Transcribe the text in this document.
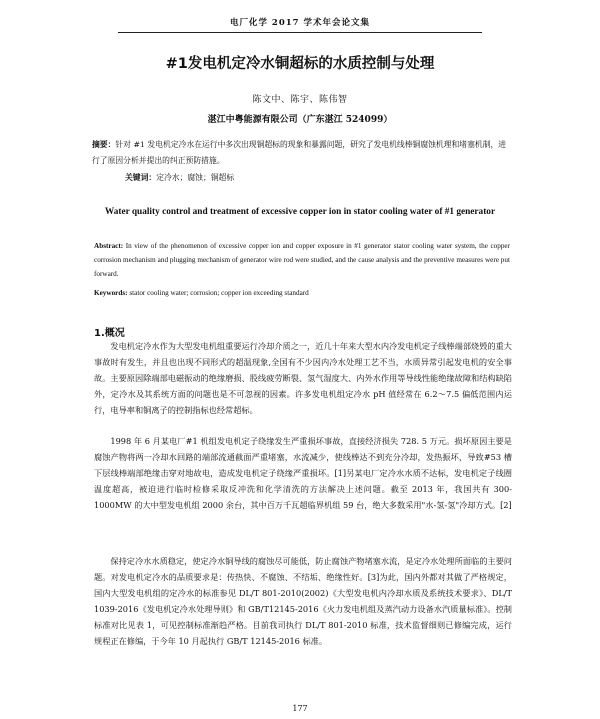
电厂化学 2017 学术年会论文集
#1发电机定冷水铜超标的水质控制与处理
陈文中、陈宇、陈伟智
湛江中粤能源有限公司（广东湛江 524099）
摘要：针对 #1 发电机定冷水在运行中多次出现铜超标的现象和暴露问题，研究了发电机线棒铜腐蚀机理和堵塞机制，进行了原因分析并提出的纠正预防措施。
关键词：定冷水；腐蚀；铜超标
Water quality control and treatment of excessive copper ion in stator cooling water of #1 generator
Abstract: In view of the phenomenon of excessive copper ion and copper exposure in #1 generator stator cooling water system, the copper corrosion mechanism and plugging mechanism of generator wire rod were studied, and the cause analysis and the preventive measures were put forward.
Keywords: stator cooling water; corrosion; copper ion exceeding standard
1.概况
发电机定冷水作为大型发电机组重要运行冷却介质之一，近几十年来大型水内冷发电机定子线棒端部烧毁的重大事故时有发生，并且也出现不同形式的超温现象,全国有不少因内冷水处理工艺不当，水质异常引起发电机的安全事故。主要原因除端部电磁振动的绝缘磨损、股线疲劳断裂、氢气湿度大、内外水作用等导线性能绝缘故障和结构缺陷外，定冷水及其系统方面的问题也是不可忽视的因素。许多发电机组定冷水 pH 值经常在 6.2～7.5 偏低范围内运行，电导率和铜离子的控制指标也经常超标。
1998 年 6 月某电厂#1 机组发电机定子绕缘发生严重损坏事故，直接经济损失 728. 5 万元。损坏原因主要是腐蚀产物将两一冷却水回路的端部流通截面严重堵塞，水流减少，使线棒达不到充分冷却，发热振坏，导致#53 槽下层线棒端部绝缘击穿对地故电，造成发电机定子绕缘严重损坏。[1]另某电厂定冷水水质不达标，发电机定子线圈温度超高，被迫进行临时检修采取反冲洗和化学清洗的方法解决上述问题。截至 2013 年，我国共有 300-1000MW 的大中型发电机组 2000 余台，其中百万千瓦超临界机组 59 台，绝大多数采用"水-氢-氢"冷却方式。[2]
保持定冷水水质稳定，使定冷水铜导线的腐蚀尽可能低，防止腐蚀产物堵塞水流，是定冷水处理所面临的主要问题。对发电机定冷水的品质要求是：传热快、不腐蚀、不结垢、绝缘性好。[3]为此，国内外都对其做了严格规定，国内大型发电机组的定冷水的标准参见 DL/T 801-2010(2002)《大型发电机内冷却水质及系统技术要求》、DL/T 1039-2016《发电机定冷水处理导则》和 GB/T12145-2016《火力发电机组及蒸汽动力设备水汽质量标准》。控制标准对比见表 1，可见控制标准渐趋严格。目前我司执行 DL/T 801-2010 标准，技术监督细则已修编完成，运行规程正在修编，于今年 10 月起执行 GB/T 12145-2016 标准。
177
